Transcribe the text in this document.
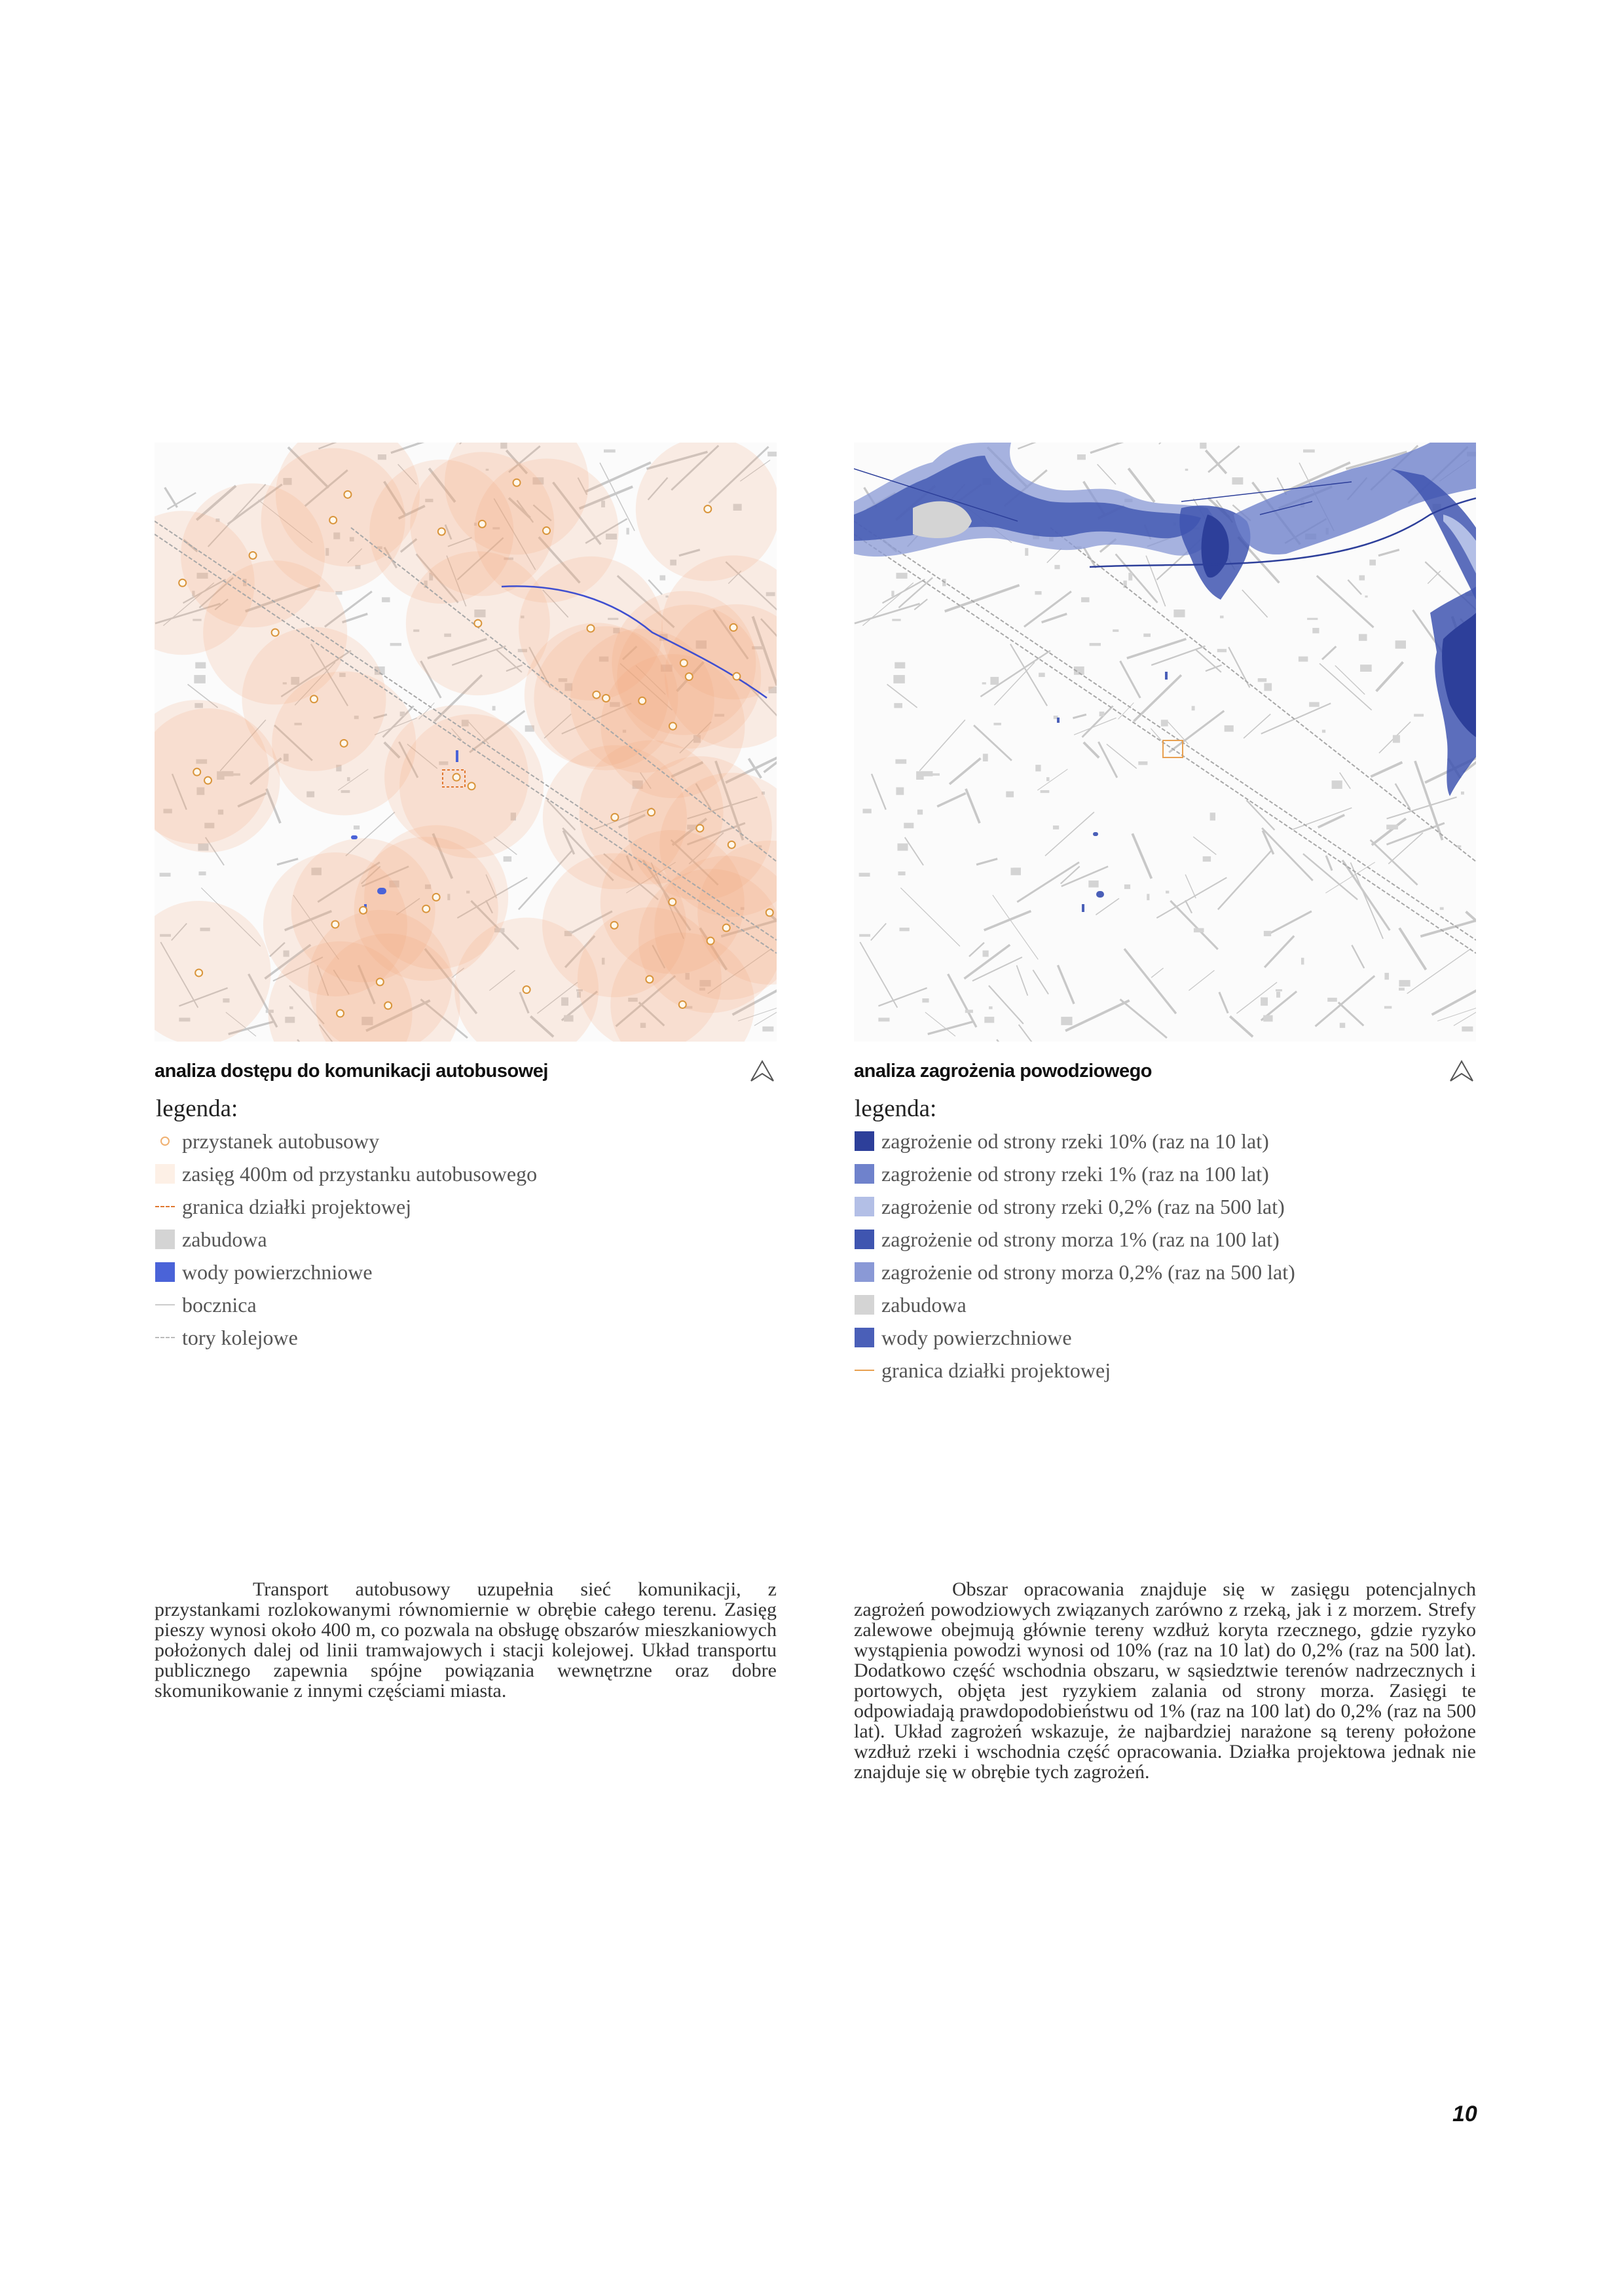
analiza dostępu do komunikacji autobusowej
legenda:
przystanek autobusowy
zasięg 400m od przystanku autobusowego
granica działki projektowej
zabudowa
wody powierzchniowe
bocznica
tory kolejowe
analiza zagrożenia powodziowego
legenda:
zagrożenie od strony rzeki 10% (raz na 10 lat)
zagrożenie od strony rzeki 1% (raz na 100 lat)
zagrożenie od strony rzeki 0,2% (raz na 500 lat)
zagrożenie od strony morza 1% (raz na 100 lat)
zagrożenie od strony morza 0,2% (raz na 500 lat)
zabudowa
wody powierzchniowe
granica działki projektowej

Transport autobusowy uzupełnia sieć komunikacji, z przystankami rozlokowanymi równomiernie w obrębie całego terenu. Zasięg pieszy wynosi około 400 m, co pozwala na obsługę obszarów mieszkaniowych położonych dalej od linii tramwajowych i stacji kolejowej. Układ transportu publicznego zapewnia spójne powiązania wewnętrzne oraz dobre skomunikowanie z innymi częściami miasta.

Obszar opracowania znajduje się w zasięgu potencjalnych zagrożeń powodziowych związanych zarówno z rzeką, jak i z morzem. Strefy zalewowe obejmują głównie tereny wzdłuż koryta rzecznego, gdzie ryzyko wystąpienia powodzi wynosi od 10% (raz na 10 lat) do 0,2% (raz na 500 lat). Dodatkowo część wschodnia obszaru, w sąsiedztwie terenów nadrzecznych i portowych, objęta jest ryzykiem zalania od strony morza. Zasięgi te odpowiadają prawdopodobieństwu od 1% (raz na 100 lat) do 0,2% (raz na 500 lat). Układ zagrożeń wskazuje, że najbardziej narażone są tereny położone wzdłuż rzeki i wschodnia część opracowania. Działka projektowa jednak nie znajduje się w obrębie tych zagrożeń.

10
